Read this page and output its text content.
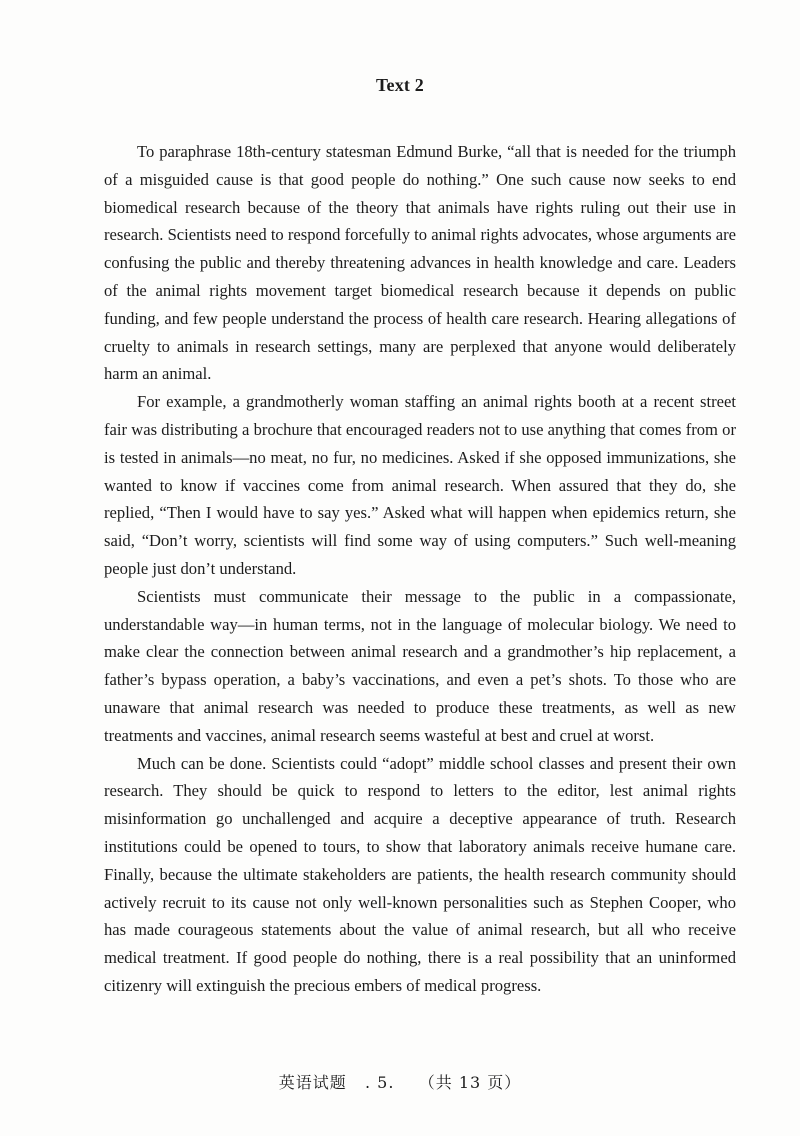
Text 2

To paraphrase 18th-century statesman Edmund Burke, “all that is needed for the triumph of a misguided cause is that good people do nothing.” One such cause now seeks to end biomedical research because of the theory that animals have rights ruling out their use in research. Scientists need to respond forcefully to animal rights advocates, whose arguments are confusing the public and thereby threatening advances in health knowledge and care. Leaders of the animal rights movement target biomedical research because it depends on public funding, and few people understand the process of health care research. Hearing allegations of cruelty to animals in research settings, many are perplexed that anyone would deliberately harm an animal.

For example, a grandmotherly woman staffing an animal rights booth at a recent street fair was distributing a brochure that encouraged readers not to use anything that comes from or is tested in animals—no meat, no fur, no medicines. Asked if she opposed immunizations, she wanted to know if vaccines come from animal research. When assured that they do, she replied, “Then I would have to say yes.” Asked what will happen when epidemics return, she said, “Don’t worry, scientists will find some way of using computers.” Such well-meaning people just don’t understand.

Scientists must communicate their message to the public in a compassionate, understandable way—in human terms, not in the language of molecular biology. We need to make clear the connection between animal research and a grandmother’s hip replacement, a father’s bypass operation, a baby’s vaccinations, and even a pet’s shots. To those who are unaware that animal research was needed to produce these treatments, as well as new treatments and vaccines, animal research seems wasteful at best and cruel at worst.

Much can be done. Scientists could “adopt” middle school classes and present their own research. They should be quick to respond to letters to the editor, lest animal rights misinformation go unchallenged and acquire a deceptive appearance of truth. Research institutions could be opened to tours, to show that laboratory animals receive humane care. Finally, because the ultimate stakeholders are patients, the health research community should actively recruit to its cause not only well-known personalities such as Stephen Cooper, who has made courageous statements about the value of animal research, but all who receive medical treatment. If good people do nothing, there is a real possibility that an uninformed citizenry will extinguish the precious embers of medical progress.

英语试题   . 5.    （共 13 页）
